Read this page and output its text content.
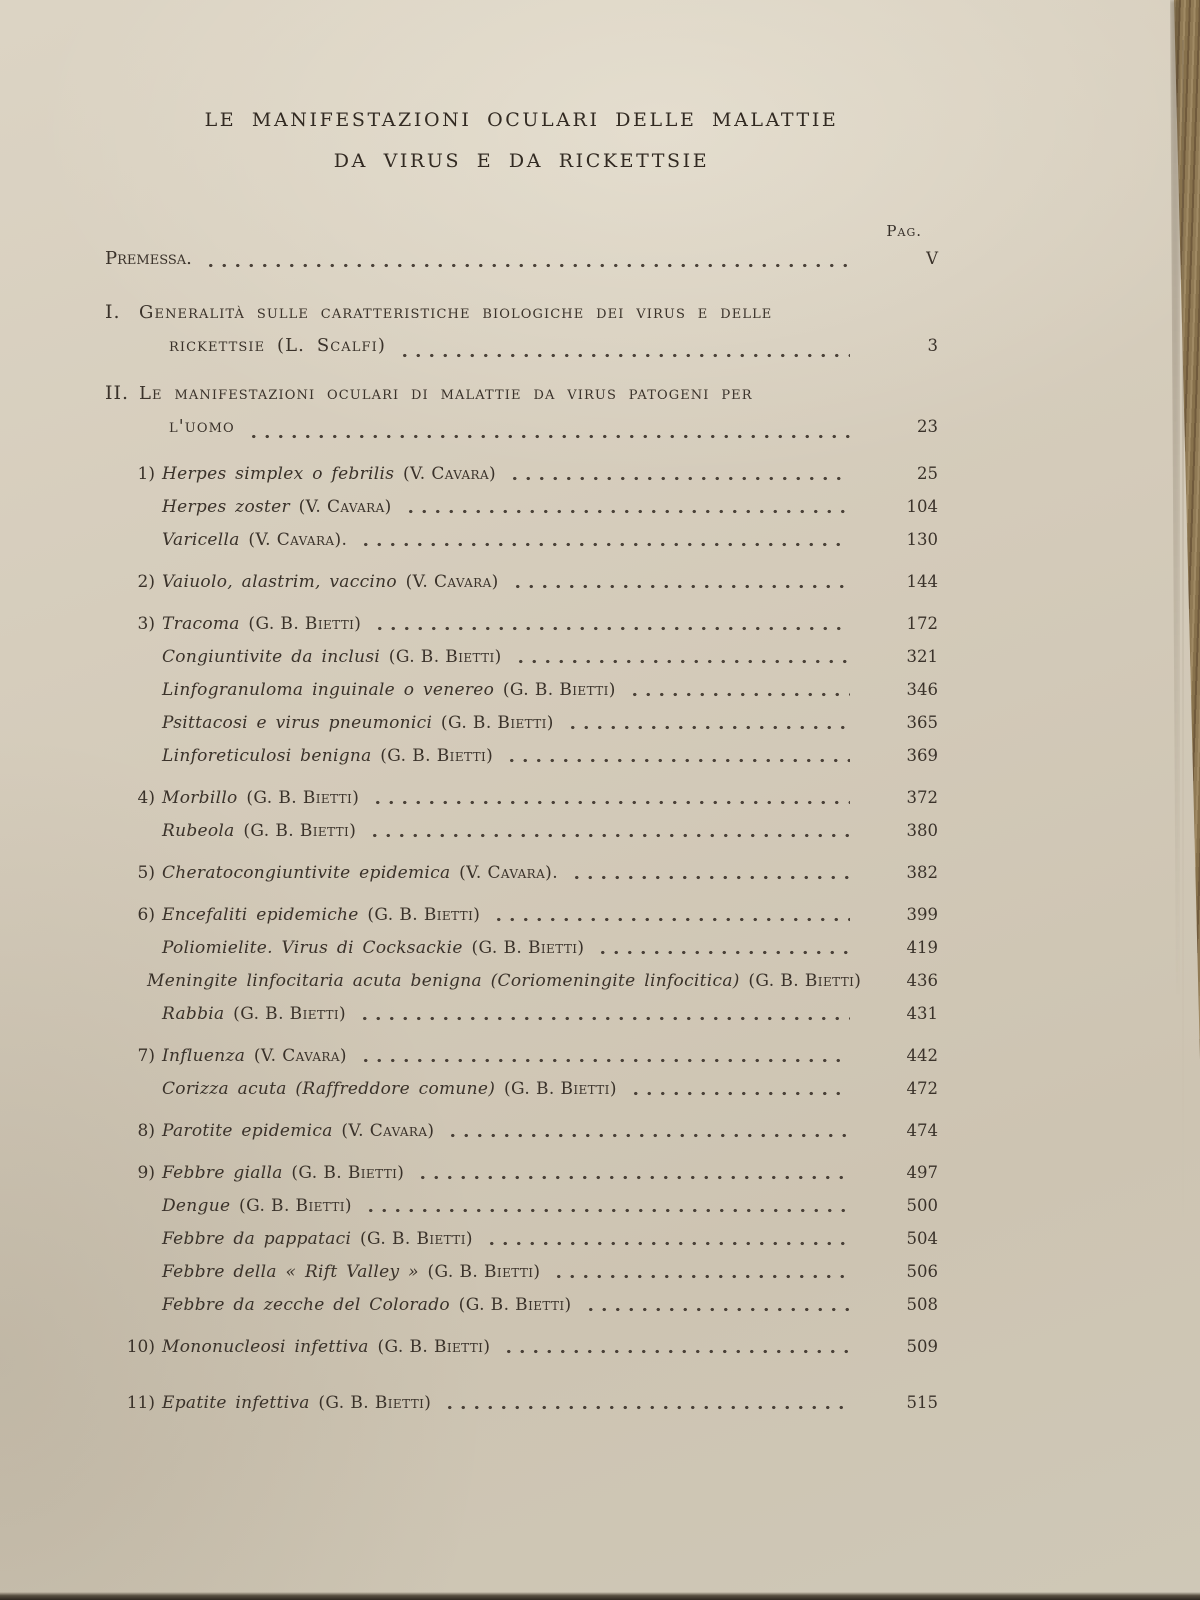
LE MANIFESTAZIONI OCULARI DELLE MALATTIE
DA VIRUS E DA RICKETTSIE
Pag.
Premessa.	V
I.	Generalità sulle caratteristiche biologiche dei virus e delle
rickettsie (L. Scalfi)	3
II. Le manifestazioni oculari di malattie da virus patogeni per
l'uomo	23
1) Herpes simplex o febrilis (V. Cavara)	25
Herpes zoster (V. Cavara)	104
Varicella (V. Cavara).	130
2) Vaiuolo, alastrim, vaccino (V. Cavara)	144
3) Tracoma (G. B. Bietti)	172
Congiuntivite da inclusi (G. B. Bietti)	321
Linfogranuloma inguinale o venereo (G. B. Bietti)	346
Psittacosi e virus pneumonici (G. B. Bietti)	365
Linforeticulosi benigna (G. B. Bietti)	369
4) Morbillo (G. B. Bietti)	372
Rubeola (G. B. Bietti)	380
5) Cheratocongiuntivite epidemica (V. Cavara).	382
6) Encefaliti epidemiche (G. B. Bietti)	399
Poliomielite. Virus di Cocksackie (G. B. Bietti)	419
Meningite linfocitaria acuta benigna (Coriomeningite linfocitica) (G. B. Bietti)	436
Rabbia (G. B. Bietti)	431
7) Influenza (V. Cavara)	442
Corizza acuta (Raffreddore comune) (G. B. Bietti)	472
8) Parotite epidemica (V. Cavara)	474
9) Febbre gialla (G. B. Bietti)	497
Dengue (G. B. Bietti)	500
Febbre da pappataci (G. B. Bietti)	504
Febbre della « Rift Valley » (G. B. Bietti)	506
Febbre da zecche del Colorado (G. B. Bietti)	508
10) Mononucleosi infettiva (G. B. Bietti)	509
11) Epatite infettiva (G. B. Bietti)	515
